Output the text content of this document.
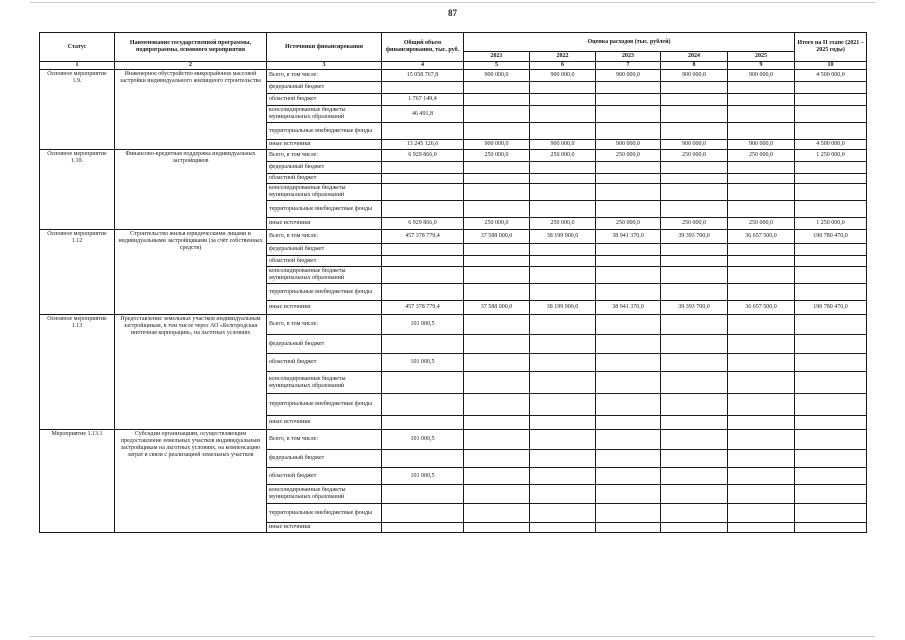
87
Статус	Наименование государственной программы, подпрограммы, основного мероприятия	Источники финансирования	Общий объем финансирования, тыс. руб.	Оценка расходов (тыс. рублей)					Итого на II этапе (2021 – 2025 годы)
				2021	2022	2023	2024	2025	
1	2	3	4	5	6	7	8	9	10
Основное мероприятие 1.9.	Инженерное обустройство микрорайонов массовой застройки индивидуального жилищного строительства	Всего, в том числе:	15 058 767,8	900 000,0	900 000,0	900 000,0	900 000,0	900 000,0	4 500 000,0
		федеральный бюджет							
		областной бюджет	1 767 149,4						
		консолидированные бюджеты муниципальных образований	46 491,8						
		территориальные внебюджетные фонды							
		иные источники	13 245 126,6	900 000,0	900 000,0	900 000,0	900 000,0	900 000,0	4 500 000,0
Основное мероприятие 1.10.	Финансово-кредитная поддержка индивидуальных застройщиков	Всего, в том числе:	6 929 866,0	250 000,0	250 000,0	250 000,0	250 000,0	250 000,0	1 250 000,0
		федеральный бюджет							
		областной бюджет							
		консолидированные бюджеты муниципальных образований							
		территориальные внебюджетные фонды							
		иные источники	6 929 866,0	250 000,0	250 000,0	250 000,0	250 000,0	250 000,0	1 250 000,0
Основное мероприятие 1.12	Строительство жилья юридическими лицами и индивидуальными застройщиками (за счёт собственных средств)	Всего, в том числе:	457 378 779,4	37 588 000,0	38 199 900,0	38 941 370,0	39 393 700,0	36 657 500,0	190 780 470,0
		федеральный бюджет							
		областной бюджет							
		консолидированные бюджеты муниципальных образований							
		территориальные внебюджетные фонды							
		иные источники	457 378 779,4	37 588 000,0	38 199 900,0	38 941 370,0	39 393 700,0	36 657 500,0	190 780 470,0
Основное мероприятие 1.13	Предоставление земельных участков индивидуальным застройщикам, в том числе через АО «Белгородская ипотечная корпорация», на льготных условиях	Всего, в том числе:	101 000,5						
		федеральный бюджет							
		областной бюджет	101 000,5						
		консолидированные бюджеты муниципальных образований							
		территориальные внебюджетные фонды							
		иные источники							
Мероприятие 1.13.1	Субсидии организациям, осуществляющим предоставление земельных участков индивидуальным застройщикам на льготных условиях, на компенсацию затрат в связи с реализацией земельных участков	Всего, в том числе:	101 000,5						
		федеральный бюджет							
		областной бюджет	101 000,5						
		консолидированные бюджеты муниципальных образований							
		территориальные внебюджетные фонды							
		иные источники							
